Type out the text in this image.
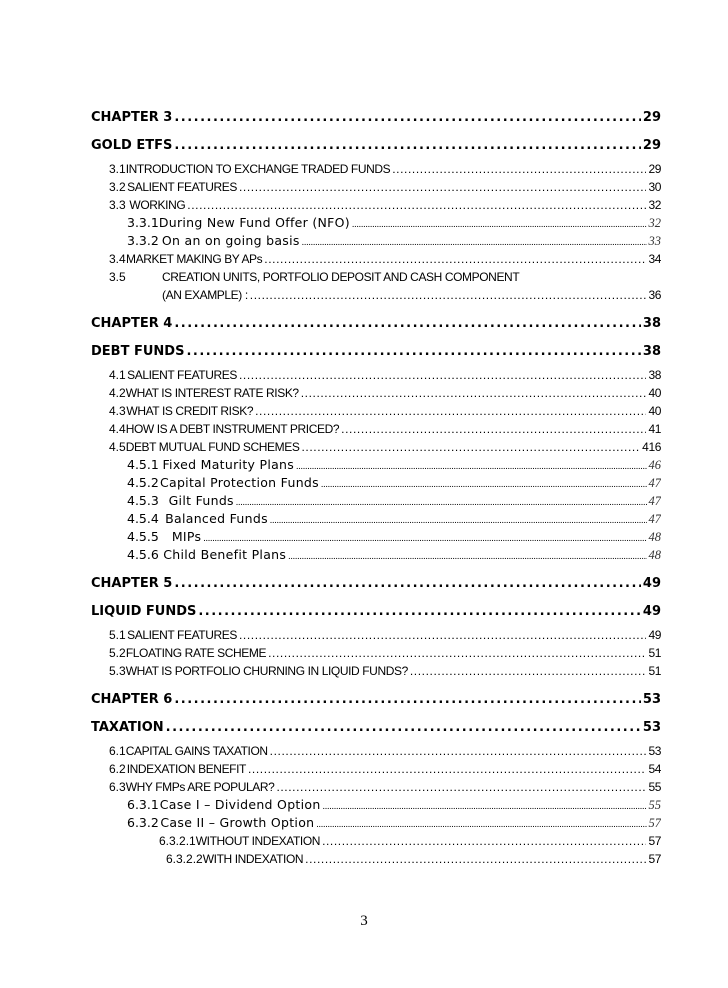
CHAPTER 3 .....	29
GOLD ETFS .....	29
3.1 INTRODUCTION TO EXCHANGE TRADED FUNDS .....	29
3.2 SALIENT FEATURES .....	30
3.3 WORKING .....	32
3.3.1 During New Fund Offer (NFO) .....	32
3.3.2 On an on going basis .....	33
3.4 MARKET MAKING BY APs .....	34
3.5	CREATION UNITS, PORTFOLIO DEPOSIT AND CASH COMPONENT
(AN EXAMPLE) : .....	36
CHAPTER 4 .....	38
DEBT FUNDS .....	38
4.1 SALIENT FEATURES .....	38
4.2 WHAT IS INTEREST RATE RISK? .....	40
4.3 WHAT IS CREDIT RISK? .....	40
4.4 HOW IS A DEBT INSTRUMENT PRICED? .....	41
4.5 DEBT MUTUAL FUND SCHEMES .....	416
4.5.1 Fixed Maturity Plans .....	46
4.5.2 Capital Protection Funds .....	47
4.5.3 Gilt Funds .....	47
4.5.4 Balanced Funds .....	47
4.5.5	MIPs .....	48
4.5.6 Child Benefit Plans .....	48
CHAPTER 5 .....	49
LIQUID FUNDS .....	49
5.1 SALIENT FEATURES .....	49
5.2 FLOATING RATE SCHEME .....	51
5.3 WHAT IS PORTFOLIO CHURNING IN LIQUID FUNDS? .....	51
CHAPTER 6 .....	53
TAXATION .....	53
6.1 CAPITAL GAINS TAXATION .....	53
6.2 INDEXATION BENEFIT .....	54
6.3 WHY FMPs ARE POPULAR? .....	55
6.3.1 Case I – Dividend Option .....	55
6.3.2 Case II – Growth Option .....	57
6.3.2.1 WITHOUT INDEXATION .....	57
6.3.2.2 WITH INDEXATION .....	57
3
